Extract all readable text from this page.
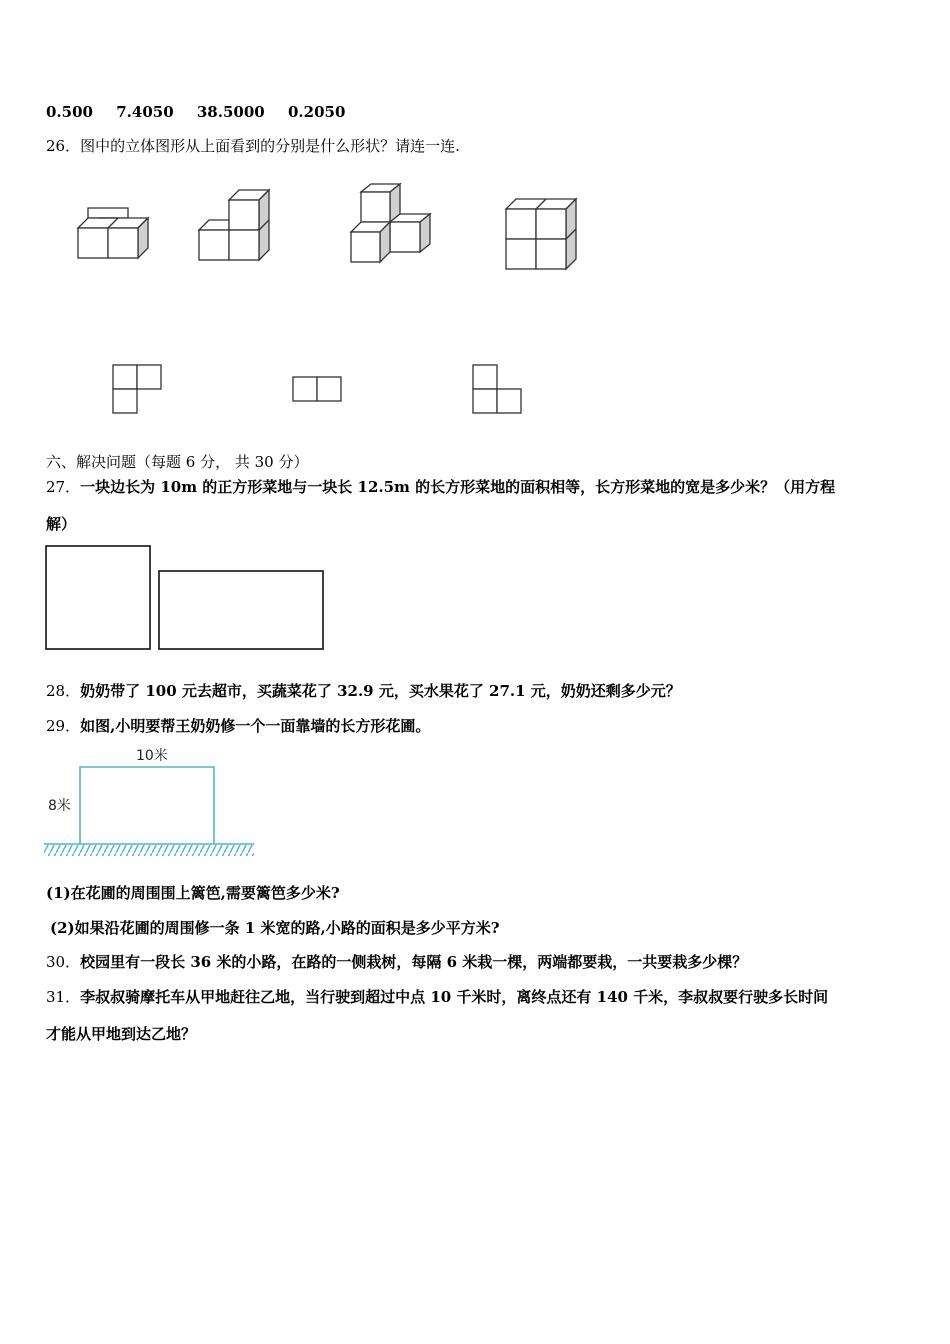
0.500 7.4050 38.5000 0.2050
26．图中的立体图形从上面看到的分别是什么形状？请连一连.
六、解决问题（每题 6 分， 共 30 分）
27．一块边长为 10m 的正方形菜地与一块长 12.5m 的长方形菜地的面积相等，长方形菜地的宽是多少米？（用方程
解）
28．奶奶带了 100 元去超市，买蔬菜花了 32.9 元，买水果花了 27.1 元，奶奶还剩多少元？
29．如图,小明要帮王奶奶修一个一面靠墙的长方形花圃。
10米
8米
(1)在花圃的周围围上篱笆,需要篱笆多少米?
(2)如果沿花圃的周围修一条 1 米宽的路,小路的面积是多少平方米?
30．校园里有一段长 36 米的小路，在路的一侧栽树，每隔 6 米栽一棵，两端都要栽，一共要栽多少棵？
31．李叔叔骑摩托车从甲地赶往乙地，当行驶到超过中点 10 千米时，离终点还有 140 千米，李叔叔要行驶多长时间
才能从甲地到达乙地？
